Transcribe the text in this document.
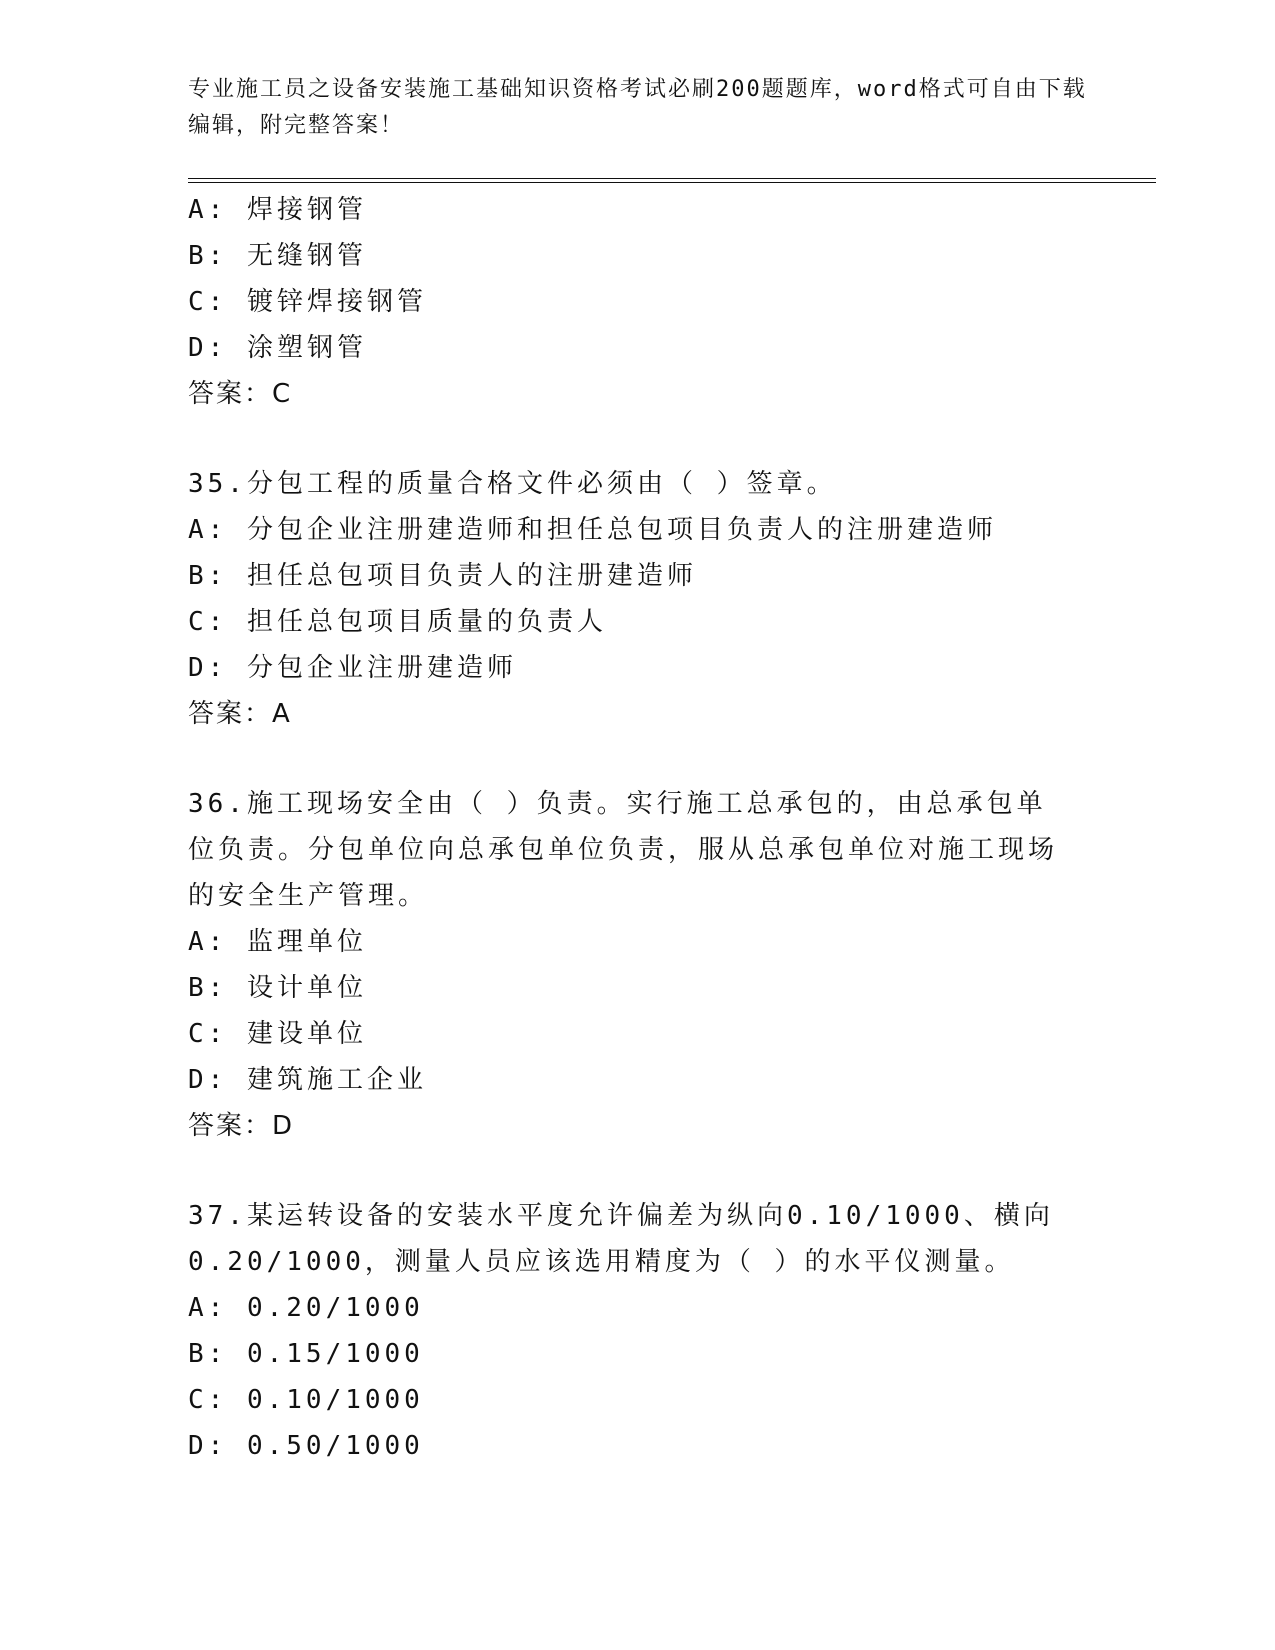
专业施工员之设备安装施工基础知识资格考试必刷200题题库，word格式可自由下载编辑，附完整答案！
A: 焊接钢管
B: 无缝钢管
C: 镀锌焊接钢管
D: 涂塑钢管
答案：C
35.分包工程的质量合格文件必须由（ ）签章。
A: 分包企业注册建造师和担任总包项目负责人的注册建造师
B: 担任总包项目负责人的注册建造师
C: 担任总包项目质量的负责人
D: 分包企业注册建造师
答案：A
36.施工现场安全由（ ）负责。实行施工总承包的，由总承包单位负责。分包单位向总承包单位负责，服从总承包单位对施工现场的安全生产管理。
A: 监理单位
B: 设计单位
C: 建设单位
D: 建筑施工企业
答案：D
37.某运转设备的安装水平度允许偏差为纵向0.10/1000、横向0.20/1000，测量人员应该选用精度为（ ）的水平仪测量。
A: 0.20/1000
B: 0.15/1000
C: 0.10/1000
D: 0.50/1000
